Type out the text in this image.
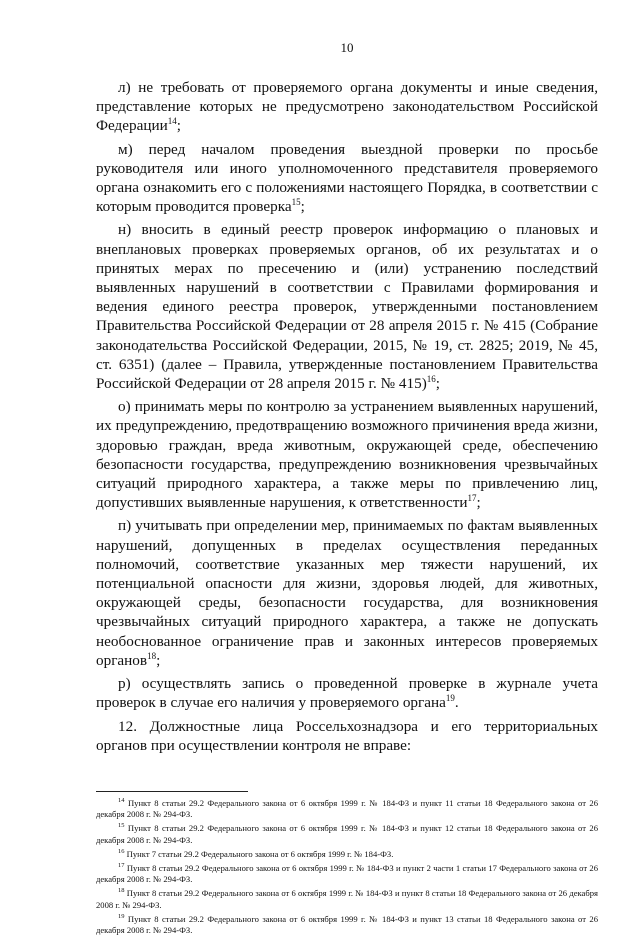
10

л) не требовать от проверяемого органа документы и иные сведения, представление которых не предусмотрено законодательством Российской Федерации$^{14}$;

м) перед началом проведения выездной проверки по просьбе руководителя или иного уполномоченного представителя проверяемого органа ознакомить его с положениями настоящего Порядка, в соответствии с которым проводится проверка$^{15}$;

н) вносить в единый реестр проверок информацию о плановых и внеплановых проверках проверяемых органов, об их результатах и о принятых мерах по пресечению и (или) устранению последствий выявленных нарушений в соответствии с Правилами формирования и ведения единого реестра проверок, утвержденными постановлением Правительства Российской Федерации от 28 апреля 2015 г. № 415 (Собрание законодательства Российской Федерации, 2015, № 19, ст. 2825; 2019, № 45, ст. 6351) (далее – Правила, утвержденные постановлением Правительства Российской Федерации от 28 апреля 2015 г. № 415)$^{16}$;

о) принимать меры по контролю за устранением выявленных нарушений, их предупреждению, предотвращению возможного причинения вреда жизни, здоровью граждан, вреда животным, окружающей среде, обеспечению безопасности государства, предупреждению возникновения чрезвычайных ситуаций природного характера, а также меры по привлечению лиц, допустивших выявленные нарушения, к ответственности$^{17}$;

п) учитывать при определении мер, принимаемых по фактам выявленных нарушений, допущенных в пределах осуществления переданных полномочий, соответствие указанных мер тяжести нарушений, их потенциальной опасности для жизни, здоровья людей, для животных, окружающей среды, безопасности государства, для возникновения чрезвычайных ситуаций природного характера, а также не допускать необоснованное ограничение прав и законных интересов проверяемых органов$^{18}$;

р) осуществлять запись о проведенной проверке в журнале учета проверок в случае его наличия у проверяемого органа$^{19}$.

12. Должностные лица Россельхознадзора и его территориальных органов при осуществлении контроля не вправе:

$^{14}$ Пункт 8 статьи 29.2 Федерального закона от 6 октября 1999 г. № 184-ФЗ и пункт 11 статьи 18 Федерального закона от 26 декабря 2008 г. № 294-ФЗ.

$^{15}$ Пункт 8 статьи 29.2 Федерального закона от 6 октября 1999 г. № 184-ФЗ и пункт 12 статьи 18 Федерального закона от 26 декабря 2008 г. № 294-ФЗ.

$^{16}$ Пункт 7 статьи 29.2 Федерального закона от 6 октября 1999 г. № 184-ФЗ.

$^{17}$ Пункт 8 статьи 29.2 Федерального закона от 6 октября 1999 г. № 184-ФЗ и пункт 2 части 1 статьи 17 Федерального закона от 26 декабря 2008 г. № 294-ФЗ.

$^{18}$ Пункт 8 статьи 29.2 Федерального закона от 6 октября 1999 г. № 184-ФЗ и пункт 8 статьи 18 Федерального закона от 26 декабря 2008 г. № 294-ФЗ.

$^{19}$ Пункт 8 статьи 29.2 Федерального закона от 6 октября 1999 г. № 184-ФЗ и пункт 13 статьи 18 Федерального закона от 26 декабря 2008 г. № 294-ФЗ.
